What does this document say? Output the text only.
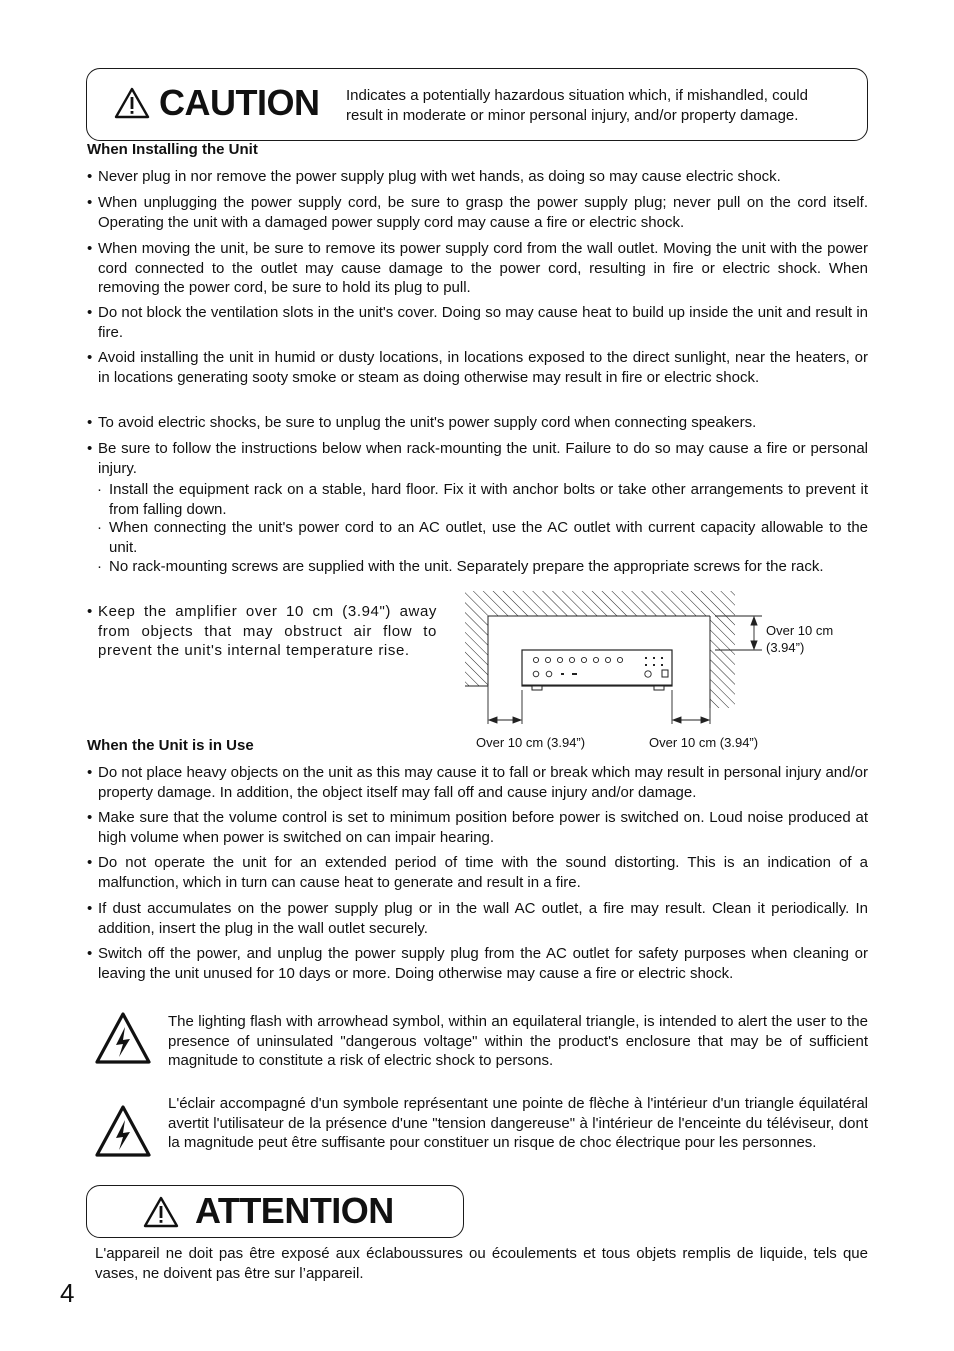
CAUTION Indicates a potentially hazardous situation which, if mishandled, could
result in moderate or minor personal injury, and/or property damage.
When Installing the Unit
• Never plug in nor remove the power supply plug with wet hands, as doing so may cause electric shock.
• When unplugging the power supply cord, be sure to grasp the power supply plug; never pull on the cord itself. Operating the unit with a damaged power supply cord may cause a fire or electric shock.
• When moving the unit, be sure to remove its power supply cord from the wall outlet. Moving the unit with the power cord connected to the outlet may cause damage to the power cord, resulting in fire or electric shock. When removing the power cord, be sure to hold its plug to pull.
• Do not block the ventilation slots in the unit's cover. Doing so may cause heat to build up inside the unit and result in fire.
• Avoid installing the unit in humid or dusty locations, in locations exposed to the direct sunlight, near the heaters, or in locations generating sooty smoke or steam as doing otherwise may result in fire or electric shock.
• To avoid electric shocks, be sure to unplug the unit's power supply cord when connecting speakers.
• Be sure to follow the instructions below when rack-mounting the unit. Failure to do so may cause a fire or personal injury.
· Install the equipment rack on a stable, hard floor. Fix it with anchor bolts or take other arrangements to prevent it from falling down.
· When connecting the unit's power cord to an AC outlet, use the AC outlet with current capacity allowable to the unit.
· No rack-mounting screws are supplied with the unit. Separately prepare the appropriate screws for the rack.
• Keep the amplifier over 10 cm (3.94") away from objects that may obstruct air flow to prevent the unit's internal temperature rise.
Over 10 cm
(3.94”)
Over 10 cm (3.94”)	Over 10 cm (3.94”)
When the Unit is in Use
• Do not place heavy objects on the unit as this may cause it to fall or break which may result in personal injury and/or property damage. In addition, the object itself may fall off and cause injury and/or damage.
• Make sure that the volume control is set to minimum position before power is switched on. Loud noise produced at high volume when power is switched on can impair hearing.
• Do not operate the unit for an extended period of time with the sound distorting. This is an indication of a malfunction, which in turn can cause heat to generate and result in a fire.
• If dust accumulates on the power supply plug or in the wall AC outlet, a fire may result. Clean it periodically. In addition, insert the plug in the wall outlet securely.
• Switch off the power, and unplug the power supply plug from the AC outlet for safety purposes when cleaning or leaving the unit unused for 10 days or more. Doing otherwise may cause a fire or electric shock.
The lighting flash with arrowhead symbol, within an equilateral triangle, is intended to alert the user to the presence of uninsulated "dangerous voltage" within the product's enclosure that may be of sufficient magnitude to constitute a risk of electric shock to persons.
L'éclair accompagné d'un symbole représentant une pointe de flèche à l'intérieur d'un triangle équilatéral avertit l'utilisateur de la présence d'une "tension dangereuse" à l'intérieur de l'enceinte du téléviseur, dont la magnitude peut être suffisante pour constituer un risque de choc électrique pour les personnes.
ATTENTION
L'appareil ne doit pas être exposé aux éclaboussures ou écoulements et tous objets remplis de liquide, tels que vases, ne doivent pas être sur l’appareil.
4
